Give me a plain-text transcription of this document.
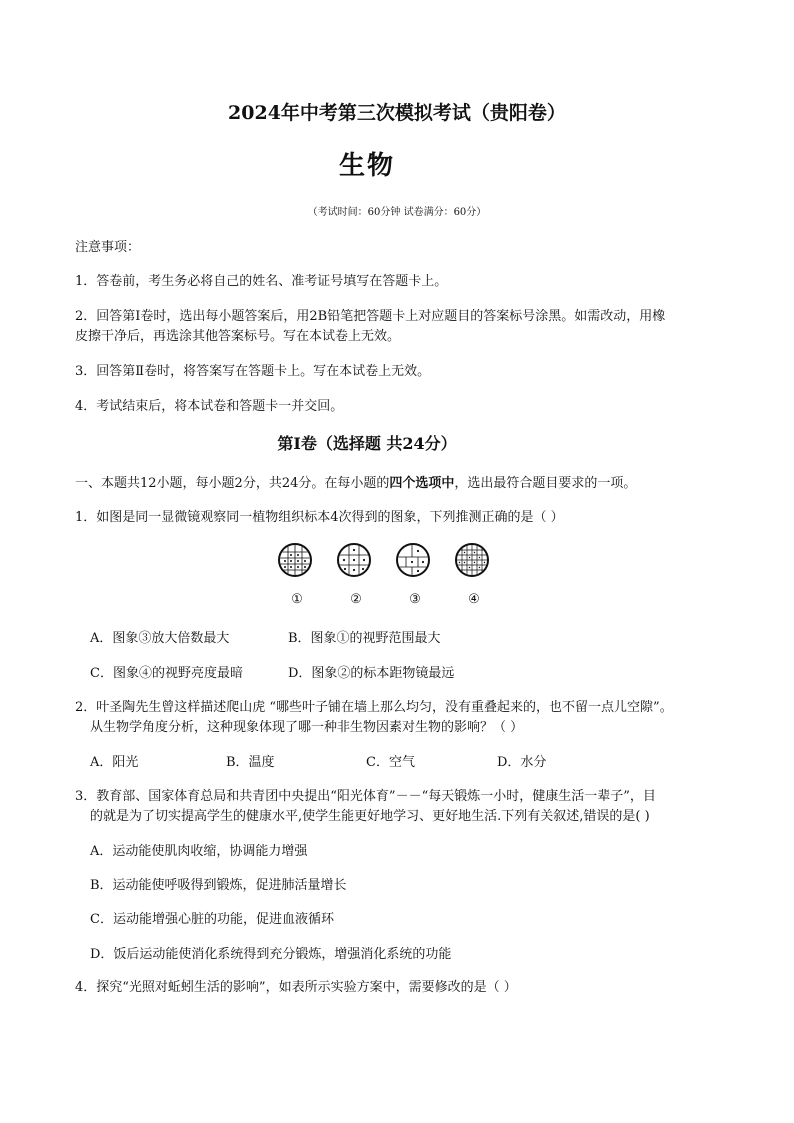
2024年中考第三次模拟考试（贵阳卷）
生物
（考试时间：60分钟 试卷满分：60分）
注意事项：
1．答卷前，考生务必将自己的姓名、准考证号填写在答题卡上。
2．回答第Ⅰ卷时，选出每小题答案后，用2B铅笔把答题卡上对应题目的答案标号涂黑。如需改动，用橡
皮擦干净后，再选涂其他答案标号。写在本试卷上无效。
3．回答第Ⅱ卷时，将答案写在答题卡上。写在本试卷上无效。
4．考试结束后，将本试卷和答题卡一并交回。
第Ⅰ卷（选择题 共24分）
一、本题共12小题，每小题2分，共24分。在每小题的四个选项中，选出最符合题目要求的一项。
1．如图是同一显微镜观察同一植物组织标本4次得到的图象，下列推测正确的是（ ）
①	②	③	④
A．图象③放大倍数最大	B．图象①的视野范围最大
C．图象④的视野亮度最暗	D．图象②的标本距物镜最远
2．叶圣陶先生曾这样描述爬山虎 “哪些叶子铺在墙上那么均匀，没有重叠起来的，也不留一点儿空隙”。
从生物学角度分析，这种现象体现了哪一种非生物因素对生物的影响？（ ）
A．阳光	B．温度	C．空气	D．水分
3．教育部、国家体育总局和共青团中央提出“阳光体育”－－“每天锻炼一小时，健康生活一辈子”，目
的就是为了切实提高学生的健康水平,使学生能更好地学习、更好地生活.下列有关叙述,错误的是( )
A．运动能使肌肉收缩，协调能力增强
B．运动能使呼吸得到锻炼，促进肺活量增长
C．运动能增强心脏的功能，促进血液循环
D．饭后运动能使消化系统得到充分锻炼，增强消化系统的功能
4．探究“光照对蚯蚓生活的影响”，如表所示实验方案中，需要修改的是（ ）
